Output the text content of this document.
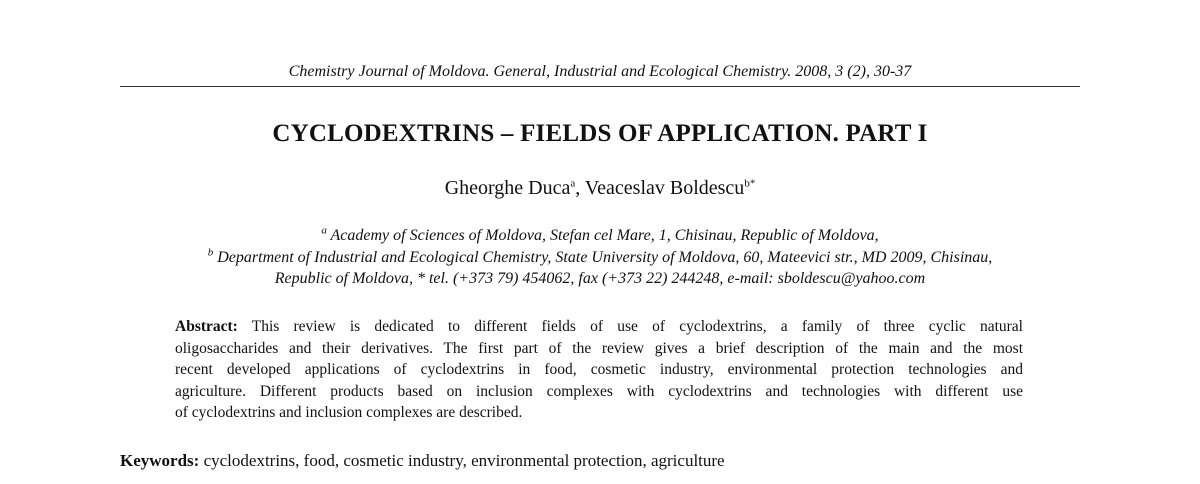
Chemistry Journal of Moldova. General, Industrial and Ecological Chemistry. 2008, 3 (2), 30-37
CYCLODEXTRINS – FIELDS OF APPLICATION. PART I
Gheorghe Duca$^a$, Veaceslav Boldescu$^{b*}$
$^a$ Academy of Sciences of Moldova, Stefan cel Mare, 1, Chisinau, Republic of Moldova,
$^b$ Department of Industrial and Ecological Chemistry, State University of Moldova, 60, Mateevici str., MD 2009, Chisinau,
Republic of Moldova, * tel. (+373 79) 454062, fax (+373 22) 244248, e-mail: sboldescu@yahoo.com
Abstract: This review is dedicated to different fields of use of cyclodextrins, a family of three cyclic natural
oligosaccharides and their derivatives. The first part of the review gives a brief description of the main and the most
recent developed applications of cyclodextrins in food, cosmetic industry, environmental protection technologies and
agriculture. Different products based on inclusion complexes with cyclodextrins and technologies with different use
of cyclodextrins and inclusion complexes are described.
Keywords: cyclodextrins, food, cosmetic industry, environmental protection, agriculture
